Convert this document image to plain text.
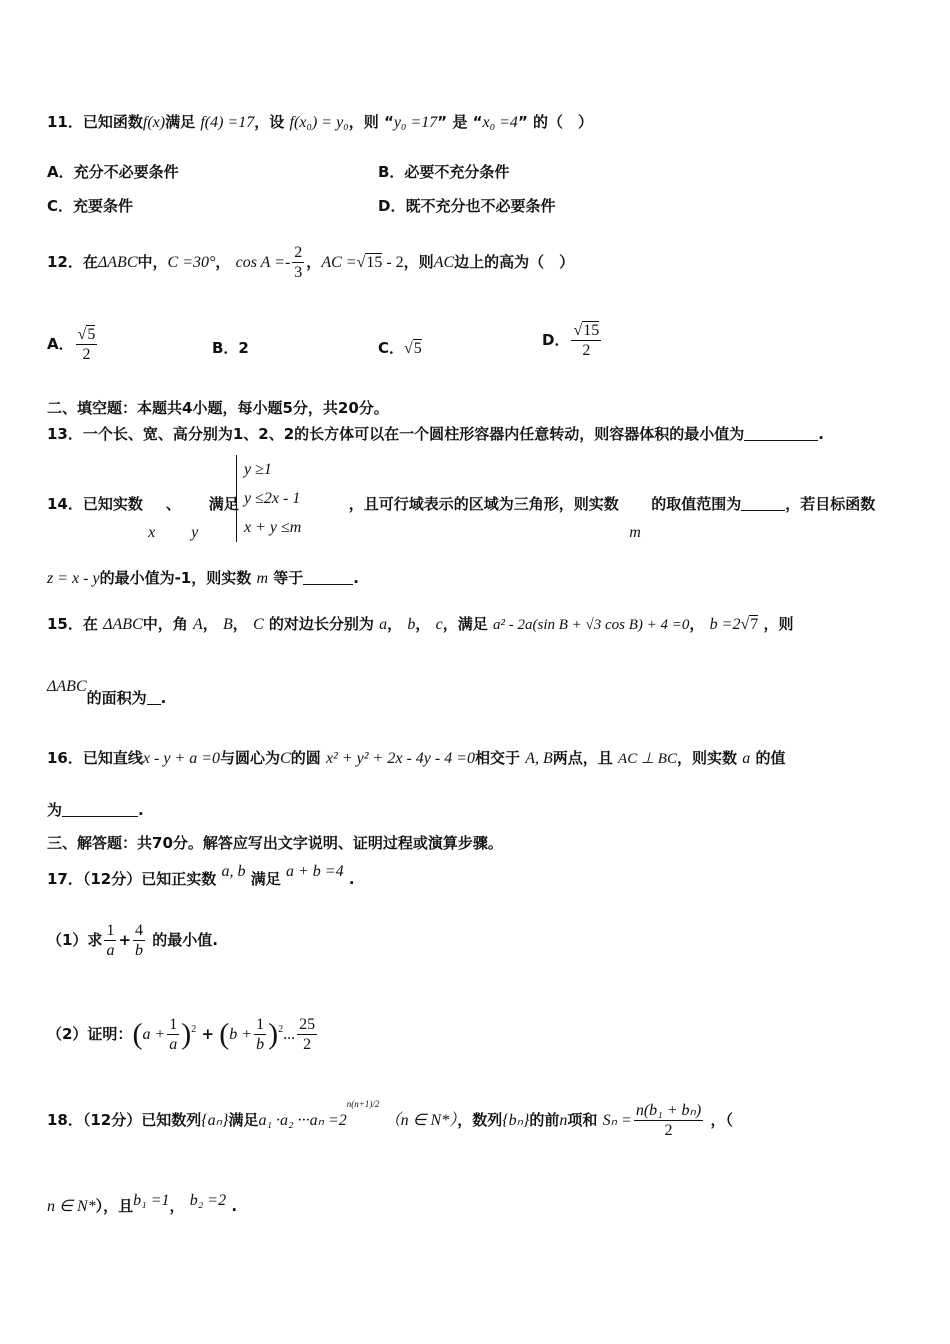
11．已知函数f(x)满足 f(4) =17，设 f(x₀) = y₀，则 “y₀ =17” 是 “x₀ =4” 的（　）
A．充分不必要条件	B．必要不充分条件
C．充要条件	D．既不充分也不必要条件
12．在ΔABC中，C =30°， $\cos A =- \frac{2}{3}$ ，AC =√15 - 2，则AC边上的高为（　）
A． $\frac{√5}{2}$	B．2	C．√5	D． $\frac{√15}{2}$
二、填空题：本题共4小题，每小题5分，共20分。
13．一个长、宽、高分别为1、2、2的长方体可以在一个圆柱形容器内任意转动，则容器体积的最小值为	.
14．已知实数 x  、  y  满足	，且可行域表示的区域为三角形，则实数  m  的取值范围为	，若目标函数
y ≥1
y ≤2x - 1
x + y ≤m
z = x - y的最小值为-1，则实数 m 等于	.
15．在 ΔABC中，角 A， B， C 的对边长分别为 a， b， c，满足 a² - 2a(sin B + √3 cos B) + 4 =0， b =2√7 ，则
ΔABC的面积为 .
16．已知直线x - y + a =0与圆心为C的圆 x² + y² + 2x - 4y - 4 =0相交于 A, B两点，且 AC ⊥ BC，则实数 a 的值
为	.
三、解答题：共70分。解答应写出文字说明、证明过程或演算步骤。
17．（12分）已知正实数 a, b 满足 a + b =4 .
（1）求 $\frac{1}{a} + \frac{4}{b}$ 的最小值.
（2）证明：$(a + \frac{1}{a} )^2 + (b + \frac{1}{b} )^2$... $\frac{25}{2}$
18．（12分）已知数列{aₙ}满足$a_1 \cdot a_2 \cdot\cdot\cdot a_n =2^{n(n+1)/2}$ （n ∈ N*），数列{bₙ}的前n项和 $S_n = \frac{\text{n(b₁ + bₙ)}}{2}$ ，（
n ∈ N*），且b₁ =1， b₂ =2 .
